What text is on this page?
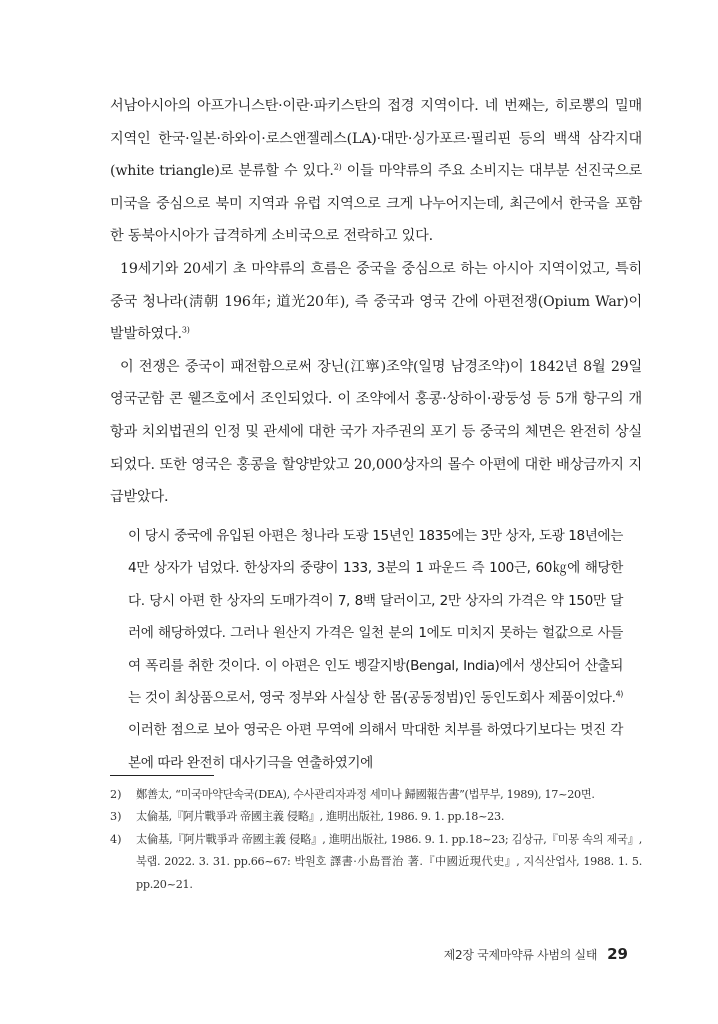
서남아시아의 아프가니스탄·이란·파키스탄의 접경 지역이다. 네 번째는, 히로뽕의 밀매 지역인 한국·일본·하와이·로스앤젤레스(LA)·대만·싱가포르·필리핀 등의 백색 삼각지대(white triangle)로 분류할 수 있다.$^{2)}$ 이들 마약류의 주요 소비지는 대부분 선진국으로 미국을 중심으로 북미 지역과 유럽 지역으로 크게 나누어지는데, 최근에서 한국을 포함한 동북아시아가 급격하게 소비국으로 전락하고 있다.

19세기와 20세기 초 마약류의 흐름은 중국을 중심으로 하는 아시아 지역이었고, 특히 중국 청나라(淸朝 196年; 道光20年), 즉 중국과 영국 간에 아편전쟁(Opium War)이 발발하였다.$^{3)}$

이 전쟁은 중국이 패전함으로써 장닌(江寧)조약(일명 남경조약)이 1842년 8월 29일 영국군함 콘 웰즈호에서 조인되었다. 이 조약에서 홍콩·상하이·광둥성 등 5개 항구의 개항과 치외법권의 인정 및 관세에 대한 국가 자주권의 포기 등 중국의 체면은 완전히 상실되었다. 또한 영국은 홍콩을 할양받았고 20,000상자의 몰수 아편에 대한 배상금까지 지급받았다.

이 당시 중국에 유입된 아편은 청나라 도광 15년인 1835에는 3만 상자, 도광 18년에는 4만 상자가 넘었다. 한상자의 중량이 133, 3분의 1 파운드 즉 100근, 60㎏에 해당한다. 당시 아편 한 상자의 도매가격이 7, 8백 달러이고, 2만 상자의 가격은 약 150만 달러에 해당하였다. 그러나 원산지 가격은 일천 분의 1에도 미치지 못하는 헐값으로 사들여 폭리를 취한 것이다. 이 아편은 인도 벵갈지방(Bengal, India)에서 생산되어 산출되는 것이 최상품으로서, 영국 정부와 사실상 한 몸(공동정범)인 동인도회사 제품이었다.$^{4)}$ 이러한 점으로 보아 영국은 아편 무역에 의해서 막대한 치부를 하였다기보다는 멋진 각본에 따라 완전히 대사기극을 연출하였기에

2)	鄭善太, “미국마약단속국(DEA), 수사관리자과정 세미나 歸國報告書”(법무부, 1989), 17~20면.
3)	太倫基,『阿片戰爭과 帝國主義 侵略』, 進明出版社, 1986. 9. 1. pp.18~23.
4)	太倫基,『阿片戰爭과 帝國主義 侵略』, 進明出版社, 1986. 9. 1. pp.18~23; 김상규,『미몽 속의 제국』, 북랩. 2022. 3. 31. pp.66~67: 박원호 譯書·小島晋治 著.『中國近現代史』, 지식산업사, 1988. 1. 5. pp.20~21.
제2장 국제마약류 사범의 실태 29
